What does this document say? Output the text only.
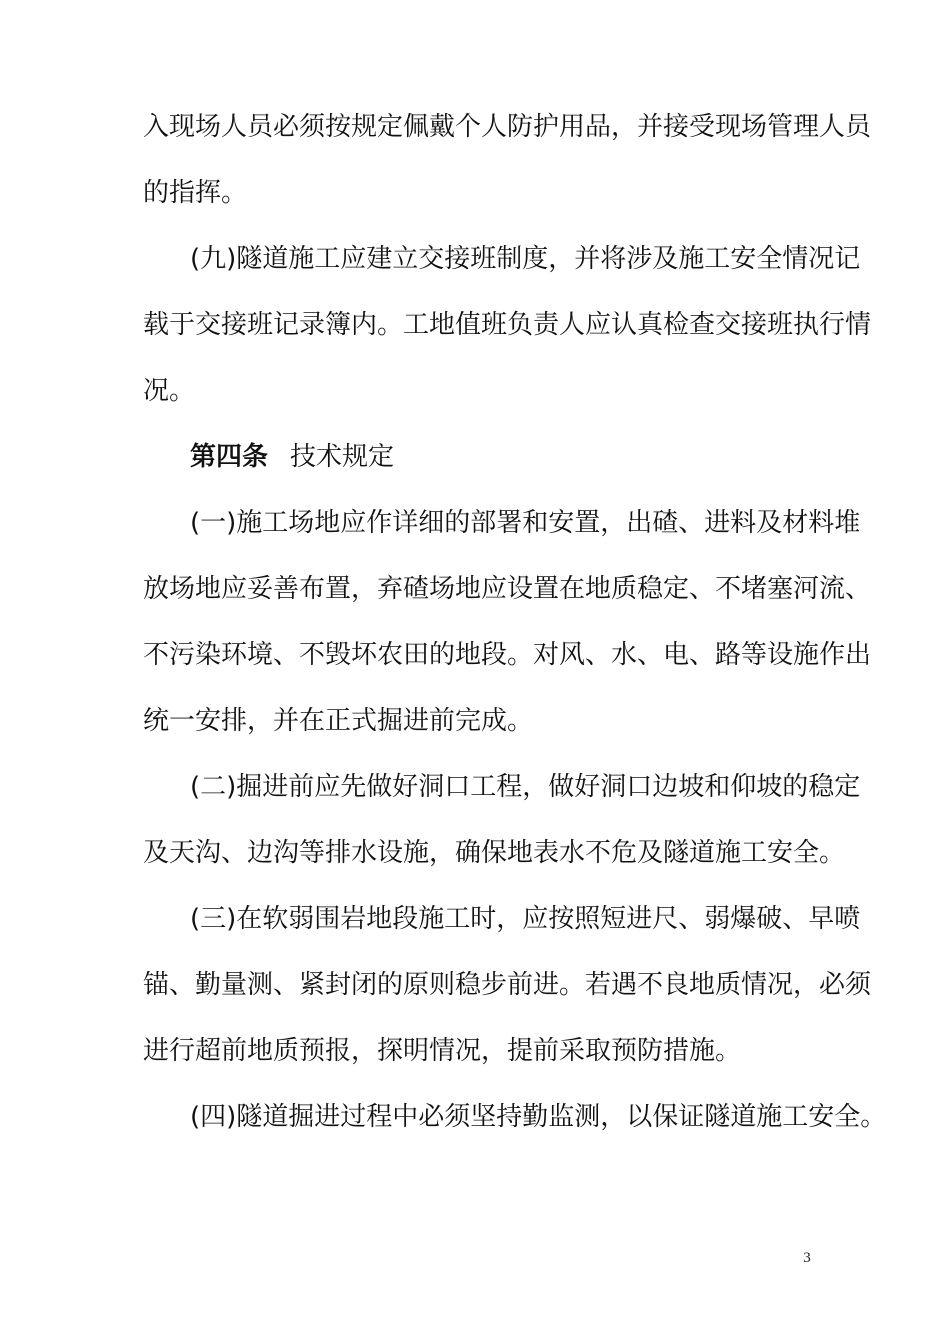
入现场人员必须按规定佩戴个人防护用品，并接受现场管理人员
的指挥。
(九)隧道施工应建立交接班制度，并将涉及施工安全情况记
载于交接班记录簿内。工地值班负责人应认真检查交接班执行情
况。
第四条 技术规定
(一)施工场地应作详细的部署和安置，出碴、进料及材料堆
放场地应妥善布置，弃碴场地应设置在地质稳定、不堵塞河流、
不污染环境、不毁坏农田的地段。对风、水、电、路等设施作出
统一安排，并在正式掘进前完成。
(二)掘进前应先做好洞口工程，做好洞口边坡和仰坡的稳定
及天沟、边沟等排水设施，确保地表水不危及隧道施工安全。
(三)在软弱围岩地段施工时，应按照短进尺、弱爆破、早喷
锚、勤量测、紧封闭的原则稳步前进。若遇不良地质情况，必须
进行超前地质预报，探明情况，提前采取预防措施。
(四)隧道掘进过程中必须坚持勤监测，以保证隧道施工安全。
3
